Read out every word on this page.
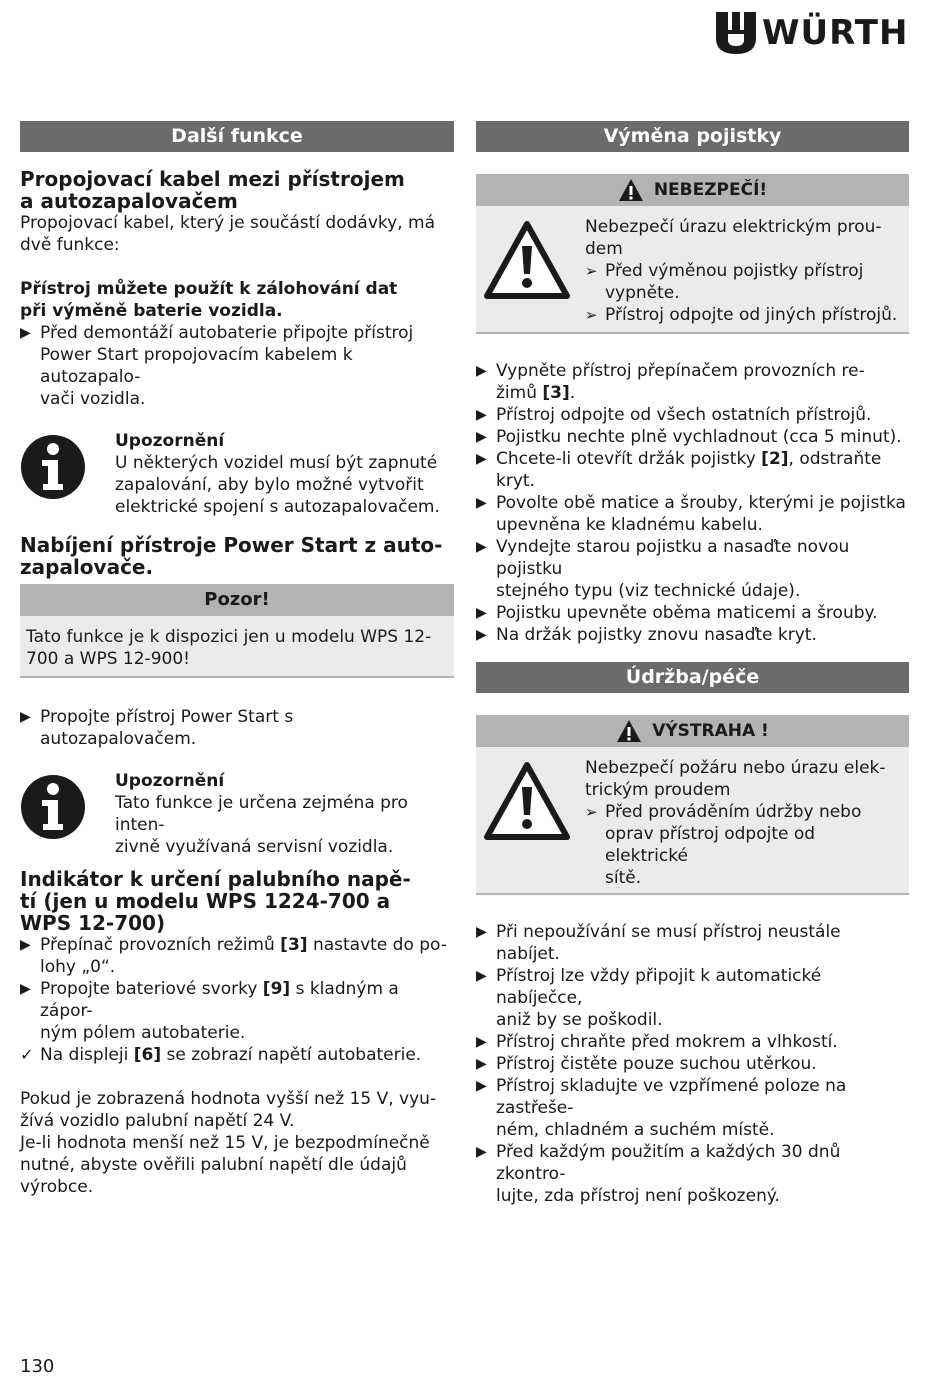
WÜRTH
Další funkce
Propojovací kabel mezi přístrojem
a autozapalovačem
Propojovací kabel, který je součástí dodávky, má
dvě funkce:
Přístroj můžete použít k zálohování dat
při výměně baterie vozidla.
▶ Před demontáží autobaterie připojte přístroj
Power Start propojovacím kabelem k autozapalo-
vači vozidla.
Upozornění
U některých vozidel musí být zapnuté
zapalování, aby bylo možné vytvořit
elektrické spojení s autozapalovačem.
Nabíjení přístroje Power Start z auto-
zapalovače.
Pozor!
Tato funkce je k dispozici jen u modelu WPS 12-
700 a WPS 12-900!
▶ Propojte přístroj Power Start s autozapalovačem.
Upozornění
Tato funkce je určena zejména pro inten-
zivně využívaná servisní vozidla.
Indikátor k určení palubního napě-
tí (jen u modelu WPS 1224-700 a
WPS 12-700)
▶ Přepínač provozních režimů [3] nastavte do po-
lohy „0“.
▶ Propojte bateriové svorky [9] s kladným a zápor-
ným pólem autobaterie.
✓ Na displeji [6] se zobrazí napětí autobaterie.
Pokud je zobrazená hodnota vyšší než 15 V, vyu-
žívá vozidlo palubní napětí 24 V.
Je-li hodnota menší než 15 V, je bezpodmínečně
nutné, abyste ověřili palubní napětí dle údajů
výrobce.
Výměna pojistky
NEBEZPEČÍ!
Nebezpečí úrazu elektrickým prou-
dem
➢ Před výměnou pojistky přístroj
vypněte.
➢ Přístroj odpojte od jiných přístrojů.
▶ Vypněte přístroj přepínačem provozních re-
žimů [3].
▶ Přístroj odpojte od všech ostatních přístrojů.
▶ Pojistku nechte plně vychladnout (cca 5 minut).
▶ Chcete-li otevřít držák pojistky [2], odstraňte kryt.
▶ Povolte obě matice a šrouby, kterými je pojistka
upevněna ke kladnému kabelu.
▶ Vyndejte starou pojistku a nasaďte novou pojistku
stejného typu (viz technické údaje).
▶ Pojistku upevněte oběma maticemi a šrouby.
▶ Na držák pojistky znovu nasaďte kryt.
Údržba/péče
VÝSTRAHA !
Nebezpečí požáru nebo úrazu elek-
trickým proudem
➢ Před prováděním údržby nebo
oprav přístroj odpojte od elektrické
sítě.
▶ Při nepoužívání se musí přístroj neustále nabíjet.
▶ Přístroj lze vždy připojit k automatické nabíječce,
aniž by se poškodil.
▶ Přístroj chraňte před mokrem a vlhkostí.
▶ Přístroj čistěte pouze suchou utěrkou.
▶ Přístroj skladujte ve vzpřímené poloze na zastřeše-
ném, chladném a suchém místě.
▶ Před každým použitím a každých 30 dnů zkontro-
lujte, zda přístroj není poškozený.
130
